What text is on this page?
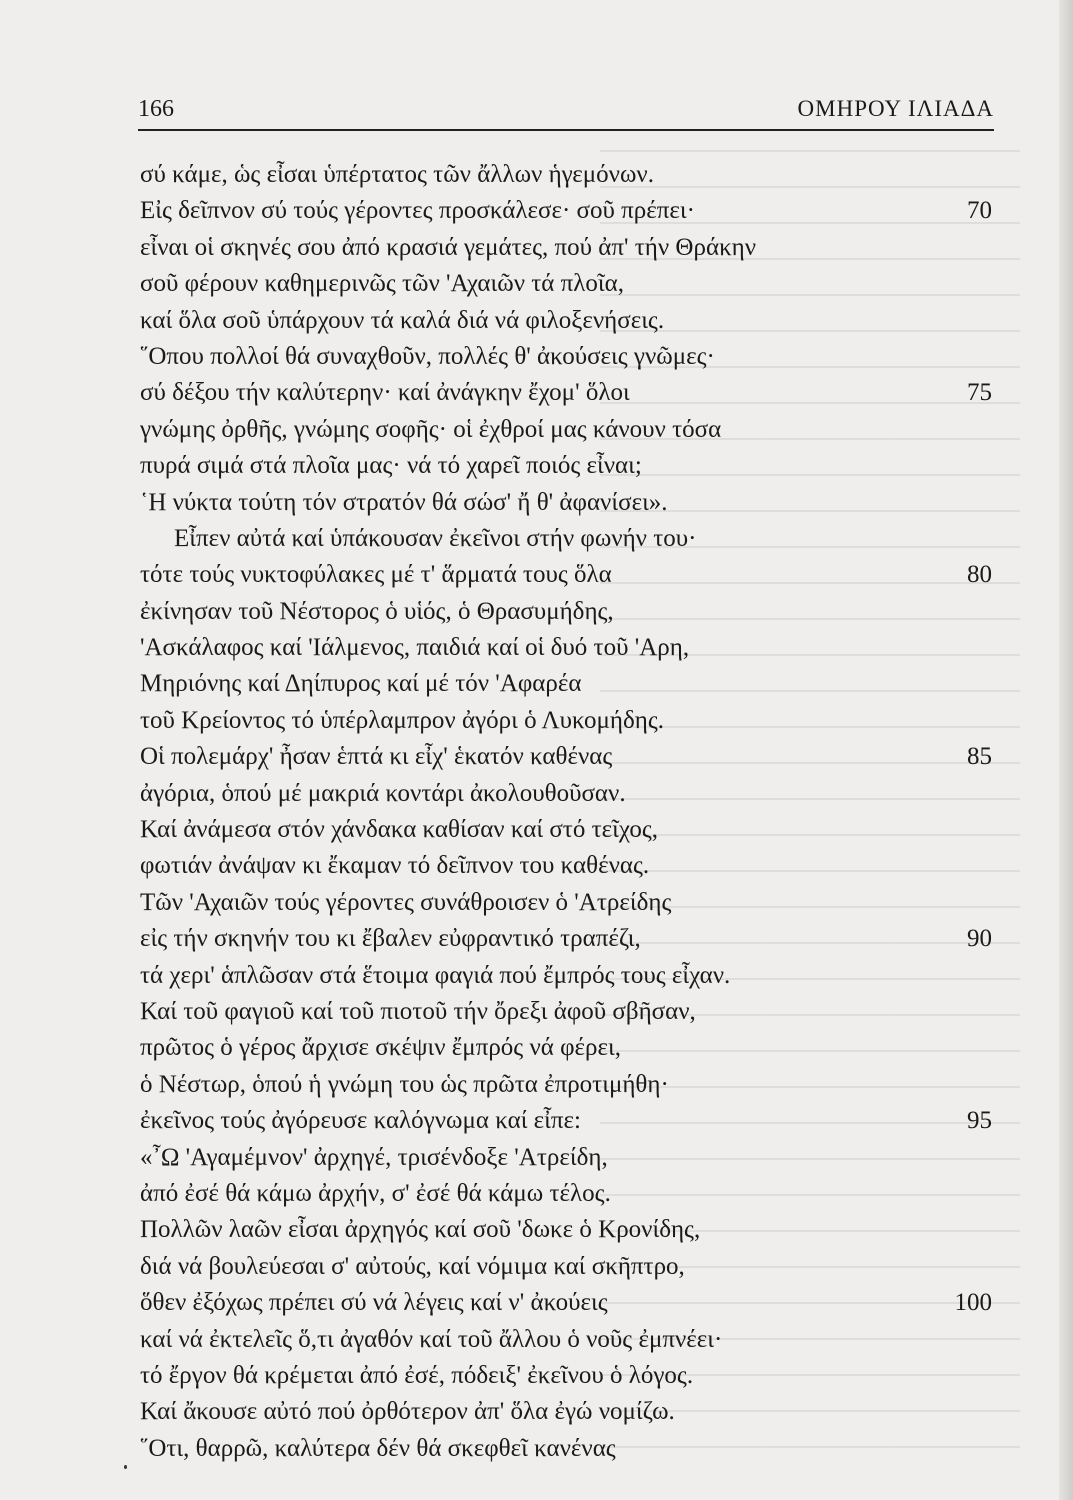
166	ΟΜΗΡΟΥ ΙΛΙΑΔΑ
σύ κάμε, ὡς εἶσαι ὑπέρτατος τῶν ἄλλων ἡγεμόνων.
Εἰς δεῖπνον σύ τούς γέροντες προσκάλεσε· σοῦ πρέπει·	70
εἶναι οἱ σκηνές σου ἀπό κρασιά γεμάτες, πού ἀπ' τήν Θράκην
σοῦ φέρουν καθημερινῶς τῶν 'Αχαιῶν τά πλοῖα,
καί ὅλα σοῦ ὑπάρχουν τά καλά διά νά φιλοξενήσεις.
῞Οπου πολλοί θά συναχθοῦν, πολλές θ' ἀκούσεις γνῶμες·
σύ δέξου τήν καλύτερην· καί ἀνάγκην ἔχομ' ὅλοι	75
γνώμης ὀρθῆς, γνώμης σοφῆς· οἱ ἐχθροί μας κάνουν τόσα
πυρά σιμά στά πλοῖα μας· νά τό χαρεῖ ποιός εἶναι;
῾Η νύκτα τούτη τόν στρατόν θά σώσ' ἤ θ' ἀφανίσει».
Εἶπεν αὐτά καί ὑπάκουσαν ἐκεῖνοι στήν φωνήν του·
τότε τούς νυκτοφύλακες μέ τ' ἅρματά τους ὅλα	80
ἐκίνησαν τοῦ Νέστορος ὁ υἱός, ὁ Θρασυμήδης,
'Ασκάλαφος καί 'Ιάλμενος, παιδιά καί οἱ δυό τοῦ 'Αρη,
Μηριόνης καί Δηίπυρος καί μέ τόν 'Αφαρέα
τοῦ Κρείοντος τό ὑπέρλαμπρον ἀγόρι ὁ Λυκομήδης.
Οἱ πολεμάρχ' ἦσαν ἑπτά κι εἶχ' ἑκατόν καθένας	85
ἀγόρια, ὁπού μέ μακριά κοντάρι ἀκολουθοῦσαν.
Καί ἀνάμεσα στόν χάνδακα καθίσαν καί στό τεῖχος,
φωτιάν ἀνάψαν κι ἔκαμαν τό δεῖπνον του καθένας.
Τῶν 'Αχαιῶν τούς γέροντες συνάθροισεν ὁ 'Ατρείδης
εἰς τήν σκηνήν του κι ἔβαλεν εὐφραντικό τραπέζι,	90
τά χερι' ἁπλῶσαν στά ἕτοιμα φαγιά πού ἔμπρός τους εἶχαν.
Καί τοῦ φαγιοῦ καί τοῦ πιοτοῦ τήν ὄρεξι ἀφοῦ σβῆσαν,
πρῶτος ὁ γέρος ἄρχισε σκέψιν ἔμπρός νά φέρει,
ὁ Νέστωρ, ὁπού ἡ γνώμη του ὡς πρῶτα ἐπροτιμήθη·
ἐκεῖνος τούς ἀγόρευσε καλόγνωμα καί εἶπε:	95
«῏Ω 'Αγαμέμνον' ἀρχηγέ, τρισένδοξε 'Ατρείδη,
ἀπό ἐσέ θά κάμω ἀρχήν, σ' ἐσέ θά κάμω τέλος.
Πολλῶν λαῶν εἶσαι ἀρχηγός καί σοῦ 'δωκε ὁ Κρονίδης,
διά νά βουλεύεσαι σ' αὐτούς, καί νόμιμα καί σκῆπτρο,
ὅθεν ἐξόχως πρέπει σύ νά λέγεις καί ν' ἀκούεις	100
καί νά ἐκτελεῖς ὅ,τι ἀγαθόν καί τοῦ ἄλλου ὁ νοῦς ἐμπνέει·
τό ἔργον θά κρέμεται ἀπό ἐσέ, πόδειξ' ἐκεῖνου ὁ λόγος.
Καί ἄκουσε αὐτό πού ὀρθότερον ἀπ' ὅλα ἐγώ νομίζω.
῞Οτι, θαρρῶ, καλύτερα δέν θά σκεφθεῖ κανένας
